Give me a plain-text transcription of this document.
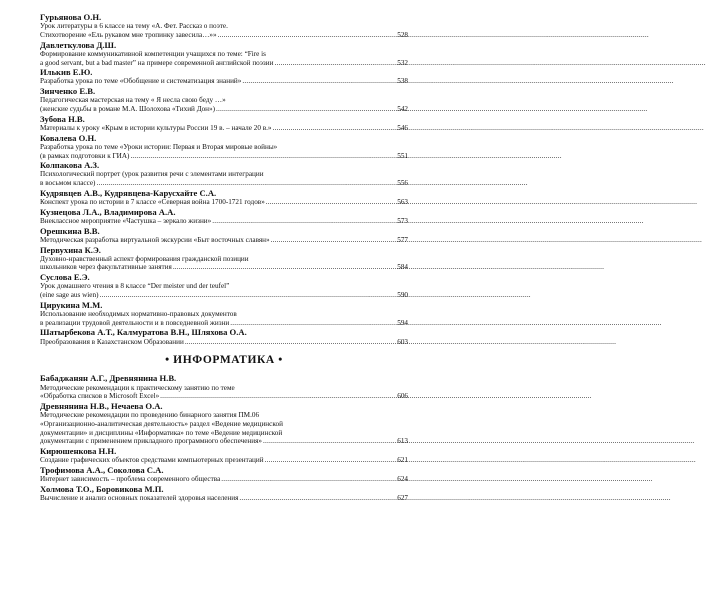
Гурьянова О.Н.
Урок литературы в 6 классе на тему «А. Фет. Рассказ о поэте.
Стихотворение «Ель рукавом мне тропинку завесила…»» .....	528
Давлеткулова Д.Ш.
Формирование коммуникативной компетенции учащихся по теме: “Fire is
a good servant, but a bad master” на примере современной английской поэзии .....	532
Илькив Е.Ю.
Разработка урока по теме «Обобщение и систематизация знаний» .....	538
Зинченко Е.В.
Педагогическая мастерская на тему « Я несла свою беду …»
(женские судьбы в романе М.А. Шолохова «Тихий Дон») .....	542
Зубова Н.В.
Материалы к уроку «Крым в истории культуры России 19 в. – начале 20 в.» .....	546
Ковалева О.Н.
Разработка урока по теме «Уроки истории: Первая и Вторая мировые войны»
(в рамках подготовки к ГИА) .....	551
Колпакова А.З.
Психологический портрет (урок развития речи с элементами интеграции
в восьмом классе) .....	556
Кудрявцев А.В., Кудрявцева-Карусхайте С.А.
Конспект урока по истории в 7 классе «Северная война 1700-1721 годов» .....	563
Кузнецова Л.А., Владимирова А.А.
Внеклассное мероприятие «Частушка – зеркало жизни» .....	573
Орешкина В.В.
Методическая разработка виртуальной экскурсии «Быт восточных славян» .....	577
Первухина К.Э.
Духовно-нравственный аспект формирования гражданской позиции
школьников через факультативные занятия .....	584
Суслова Е.Э.
Урок домашнего чтения в 8 классе “Der meister und der teufel”
(eine sage aus wien) .....	590
Цирукина М.М.
Использование необходимых нормативно-правовых документов
в реализации трудовой деятельности и в повседневной жизни .....	594
Шатырбекова А.Т., Калмуратова В.Н., Шляхова О.А.
Преобразования в Казахстанском Образовании .....	603
• ИНФОРМАТИКА •
Бабаджанян А.Г., Древнянина Н.В.
Методические рекомендации к практическому занятию по теме
«Обработка списков в Microsoft Excel» .....	606
Древнянина Н.В., Нечаева О.А.
Методические рекомендации по проведению бинарного занятия ПМ.06
«Организационно-аналитическая деятельность» раздел «Ведение медицинской
документации» и дисциплины «Информатика» по теме «Ведение медицинской
документации с применением прикладного программного обеспечения» .....	613
Кирюшенкова Н.Н.
Создание графических объектов средствами компьютерных презентаций .....	621
Трофимова А.А., Соколова С.А.
Интернет зависимость – проблема современного общества .....	624
Холмова Т.О., Боровикова М.П.
Вычисление и анализ основных показателей здоровья населения .....	627
